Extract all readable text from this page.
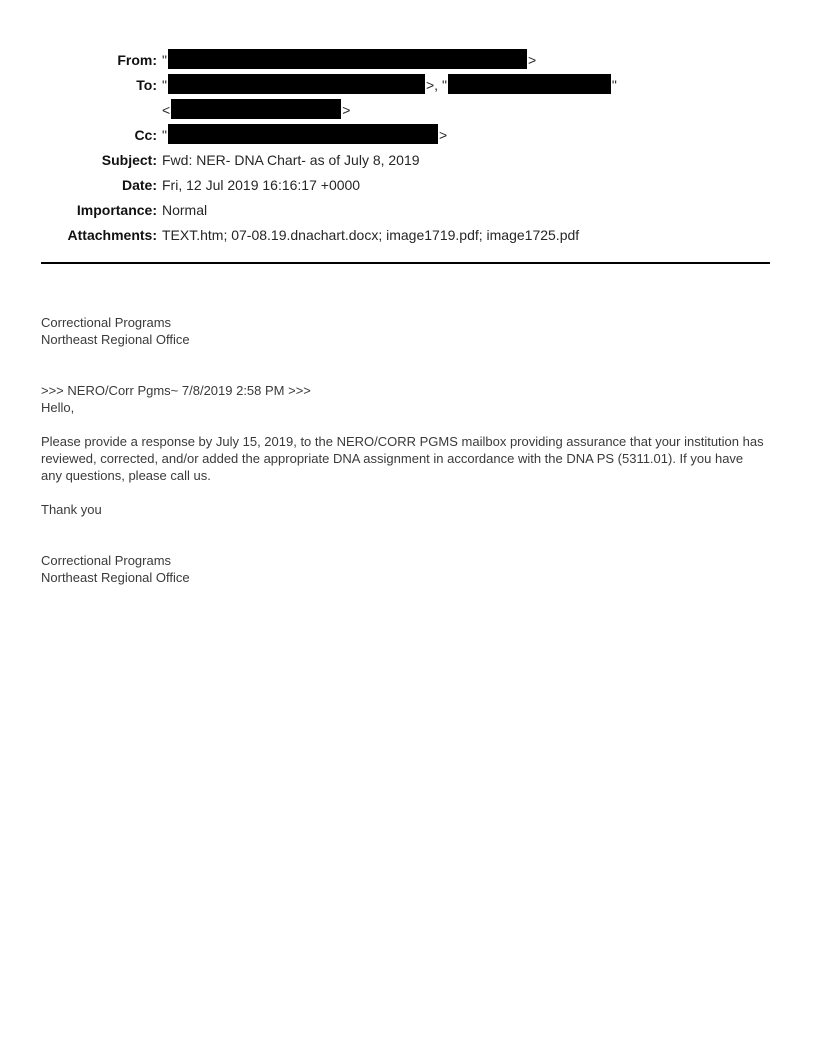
From:	" >
To:	" >, " "
	< >
Cc:	" >
Subject:	Fwd: NER- DNA Chart- as of July 8, 2019
Date:	Fri, 12 Jul 2019 16:16:17 +0000
Importance:	Normal
Attachments:	TEXT.htm; 07-08.19.dnachart.docx; image1719.pdf; image1725.pdf
Correctional Programs
Northeast Regional Office

>>> NERO/Corr Pgms~ 7/8/2019 2:58 PM >>>
Hello,

Please provide a response by July 15, 2019, to the NERO/CORR PGMS mailbox providing assurance that your institution has
reviewed, corrected, and/or added the appropriate DNA assignment in accordance with the DNA PS (5311.01). If you have
any questions, please call us.

Thank you

Correctional Programs
Northeast Regional Office
